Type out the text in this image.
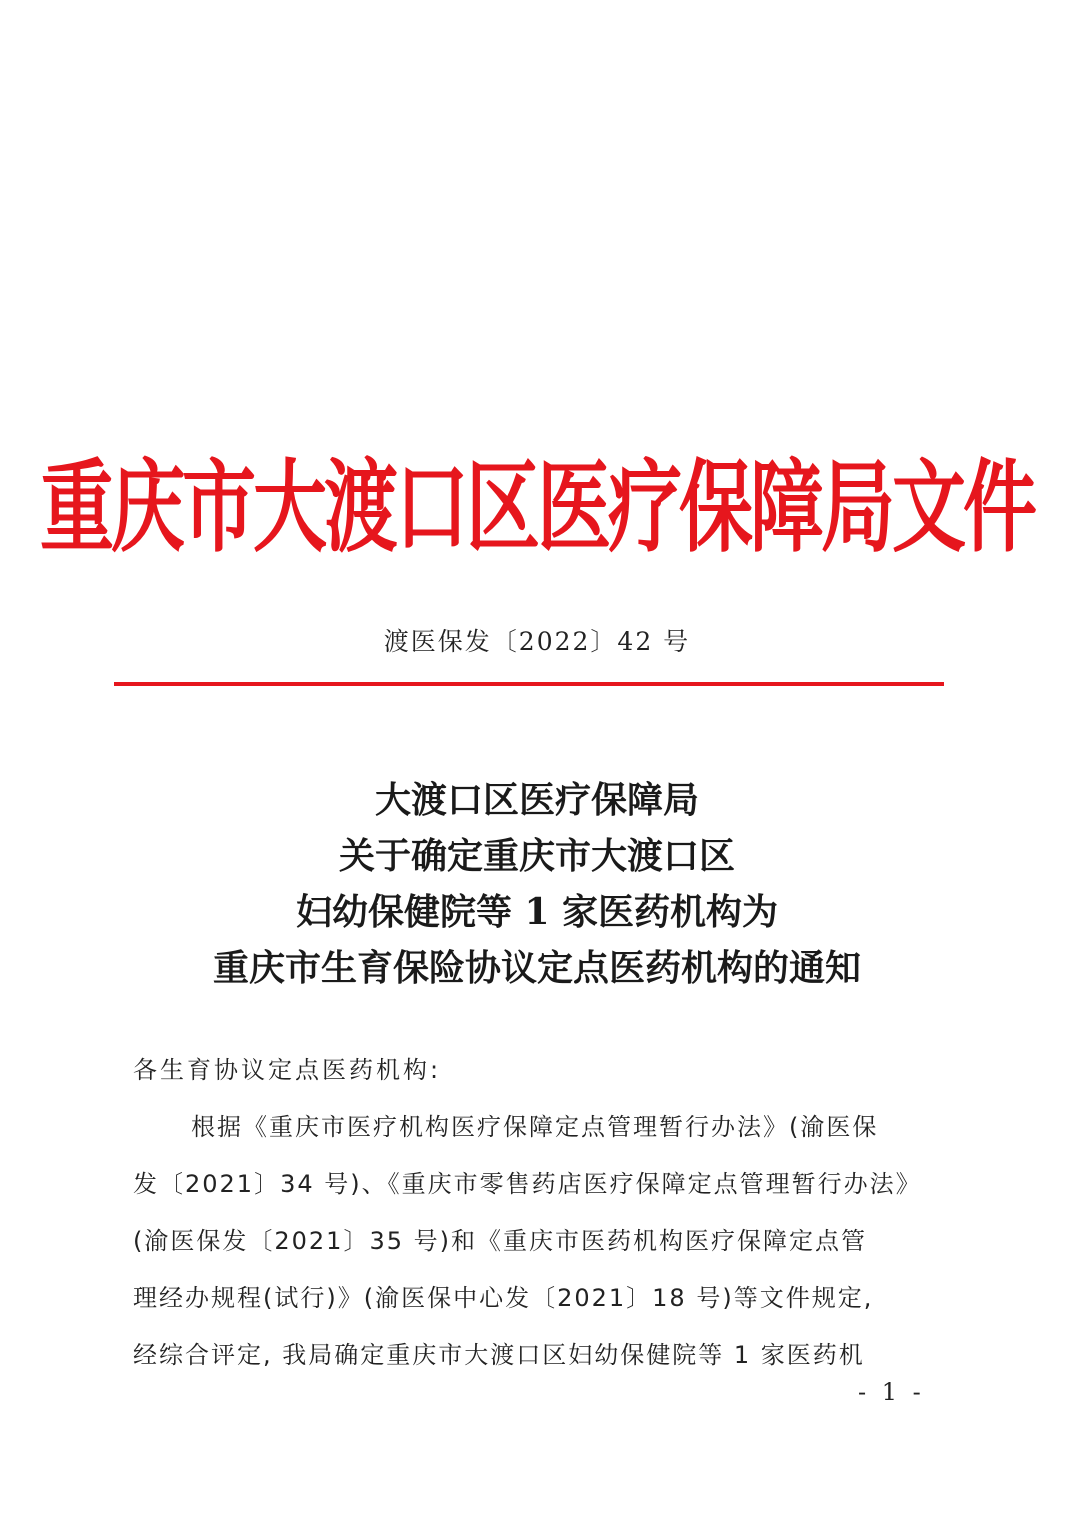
重庆市大渡口区医疗保障局文件
渡医保发〔2022〕42 号
大渡口区医疗保障局
关于确定重庆市大渡口区
妇幼保健院等 1 家医药机构为
重庆市生育保险协议定点医药机构的通知
各生育协议定点医药机构:
根据《重庆市医疗机构医疗保障定点管理暂行办法》(渝医保
发〔2021〕34 号)、《重庆市零售药店医疗保障定点管理暂行办法》
(渝医保发〔2021〕35 号)和《重庆市医药机构医疗保障定点管
理经办规程(试行)》(渝医保中心发〔2021〕18 号)等文件规定,
经综合评定, 我局确定重庆市大渡口区妇幼保健院等 1 家医药机
- 1 -
